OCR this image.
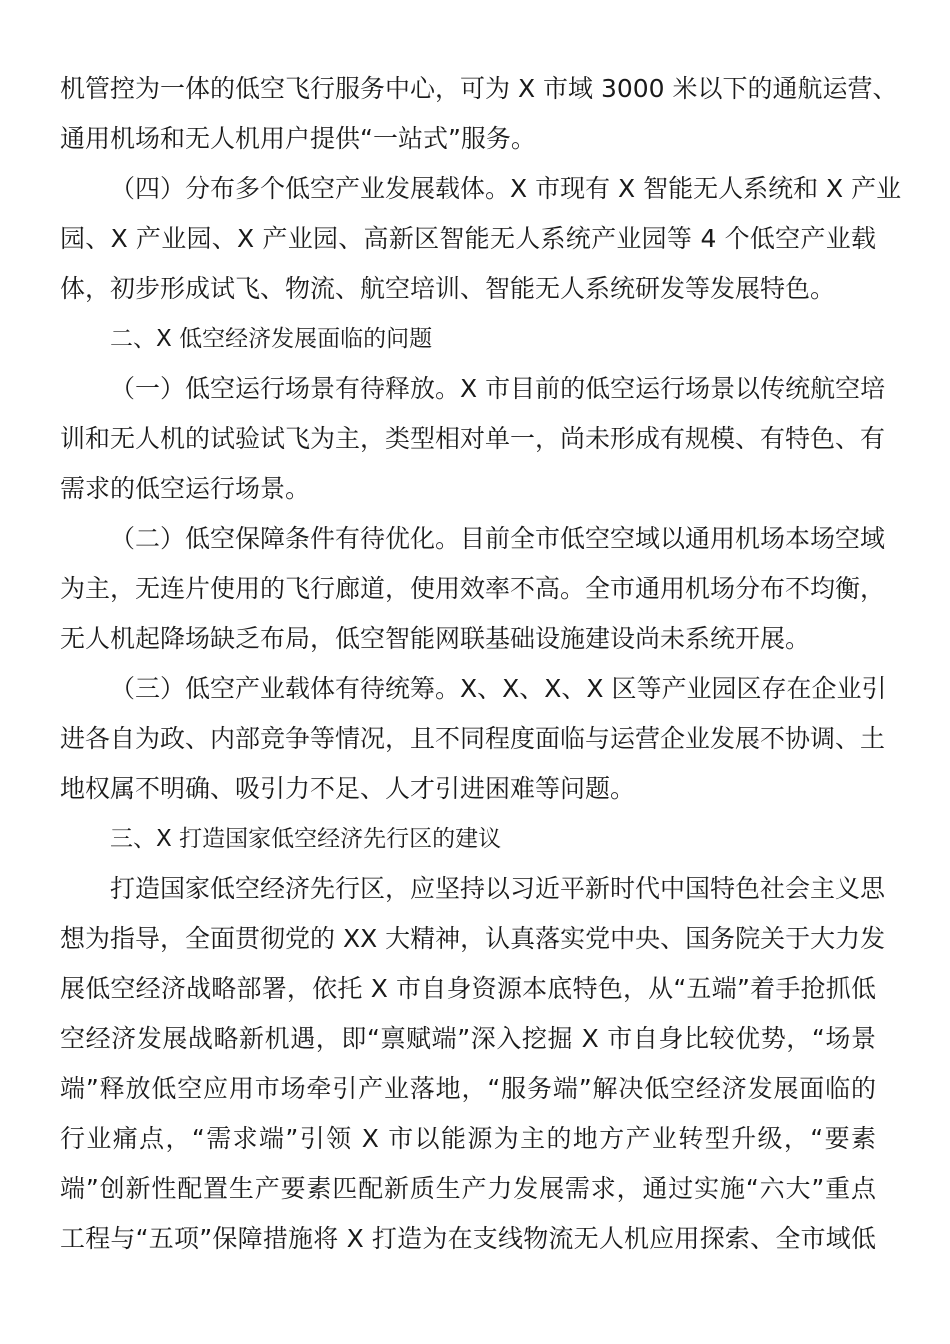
机管控为一体的低空飞行服务中心，可为 X 市域 3000 米以下的通航运营、
通用机场和无人机用户提供“一站式”服务。
（四）分布多个低空产业发展载体。X 市现有 X 智能无人系统和 X 产业
园、X 产业园、X 产业园、高新区智能无人系统产业园等 4 个低空产业载
体，初步形成试飞、物流、航空培训、智能无人系统研发等发展特色。
二、X 低空经济发展面临的问题
（一）低空运行场景有待释放。X 市目前的低空运行场景以传统航空培
训和无人机的试验试飞为主，类型相对单一，尚未形成有规模、有特色、有
需求的低空运行场景。
（二）低空保障条件有待优化。目前全市低空空域以通用机场本场空域
为主，无连片使用的飞行廊道，使用效率不高。全市通用机场分布不均衡，
无人机起降场缺乏布局，低空智能网联基础设施建设尚未系统开展。
（三）低空产业载体有待统筹。X、X、X、X 区等产业园区存在企业引
进各自为政、内部竞争等情况，且不同程度面临与运营企业发展不协调、土
地权属不明确、吸引力不足、人才引进困难等问题。
三、X 打造国家低空经济先行区的建议
打造国家低空经济先行区，应坚持以习近平新时代中国特色社会主义思
想为指导，全面贯彻党的 XX 大精神，认真落实党中央、国务院关于大力发
展低空经济战略部署，依托 X 市自身资源本底特色，从“五端”着手抢抓低
空经济发展战略新机遇，即“禀赋端”深入挖掘 X 市自身比较优势，“场景
端”释放低空应用市场牵引产业落地，“服务端”解决低空经济发展面临的
行业痛点，“需求端”引领 X 市以能源为主的地方产业转型升级，“要素
端”创新性配置生产要素匹配新质生产力发展需求，通过实施“六大”重点
工程与“五项”保障措施将 X 打造为在支线物流无人机应用探索、全市域低
